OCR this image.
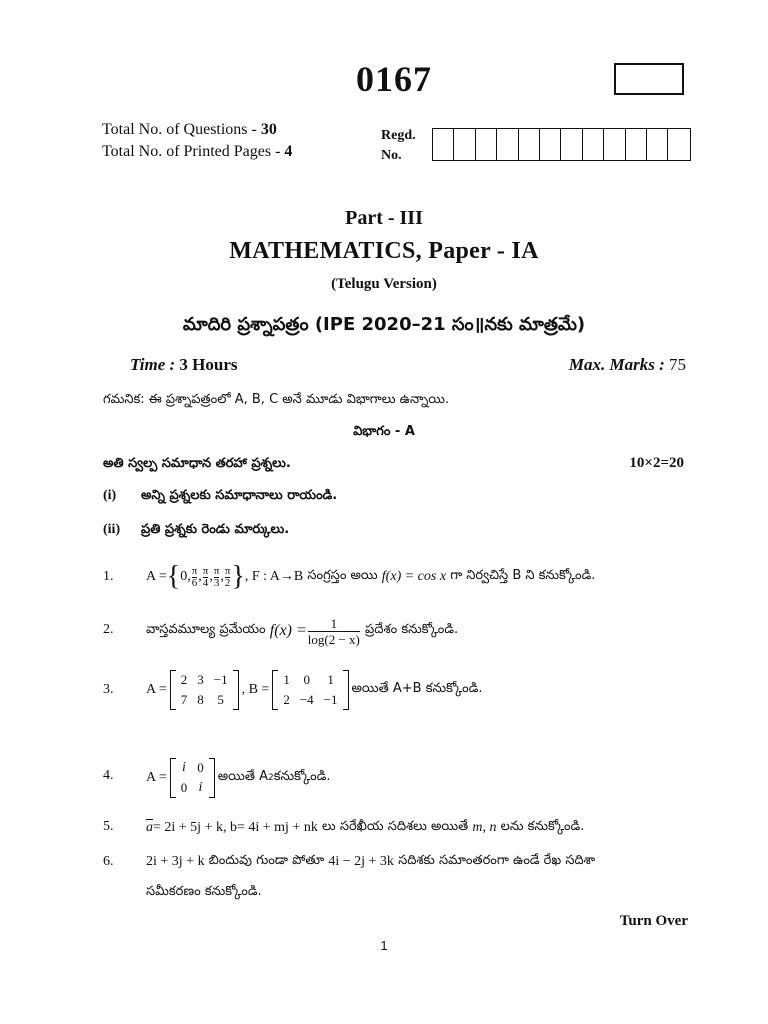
0167
Total No. of Questions - 30
Total No. of Printed Pages - 4
Regd.
No.
Part - III
MATHEMATICS, Paper - IA
(Telugu Version)
మాదిరి ప్రశ్నాపత్రం (IPE 2020–21 సం॥నకు మాత్రమే)
Time : 3 Hours	Max. Marks : 75
గమనిక: ఈ ప్రశ్నాపత్రంలో A, B, C అనే మూడు విభాగాలు ఉన్నాయి.
విభాగం - A
అతి స్వల్ప సమాధాన తరహా ప్రశ్నలు.	10×2=20
(i) అన్ని ప్రశ్నలకు సమాధానాలు రాయండి.
(ii) ప్రతి ప్రశ్నకు రెండు మార్కులు.
1. A = { 0, $\frac{\pi}{6}$ , $\frac{\pi}{4}$ , $\frac{\pi}{3}$ , $\frac{\pi}{2}$ } , F : A→B
సంగ్రస్తం అయి
f(x) = cos x
గా నిర్వచిస్తే B ని కనుక్కోండి.
2.	వాస్తవమూల్య ప్రమేయం
$f(x) = \frac{1}{\log(2 - x)}$
ప్రదేశం కనుక్కోండి.
3. A =
2	3	−1
7	8	5
, B =
1	0	1
2	−4	−1
అయితే A+B కనుక్కోండి.
4. A =
i	0
0	i
అయితే A 2 కనుక్కోండి.
5. $\overline{a} = 2i + 5j + k$ , b = 4i + mj + nk
లు సరేఖీయ సదిశలు అయితే
m, n
లను కనుక్కోండి.
6. 2i + 3j + k
బిందువు గుండా పోతూ
4i − 2j + 3k
సదిశకు సమాంతరంగా ఉండే రేఖ సదిశా
సమీకరణం కనుక్కోండి.
Turn Over
1
